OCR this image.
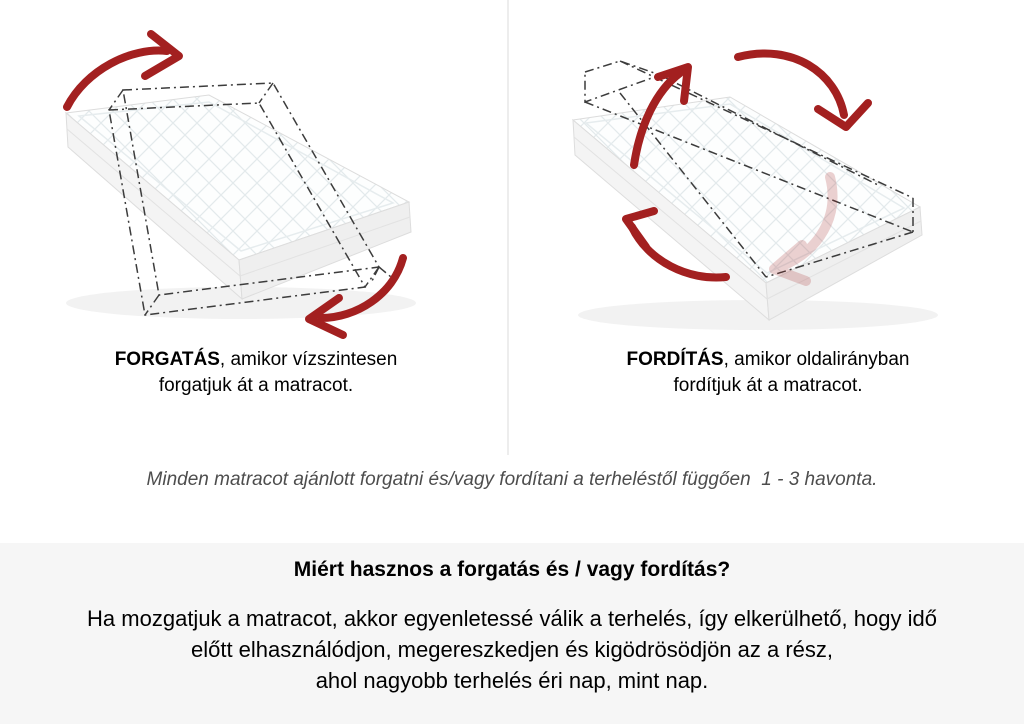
FORGATÁS, amikor vízszintesen
forgatjuk át a matracot.
FORDÍTÁS, amikor oldalirányban
fordítjuk át a matracot.
Minden matracot ajánlott forgatni és/vagy fordítani a terheléstől függően  1 - 3 havonta.
Miért hasznos a forgatás és / vagy fordítás?
Ha mozgatjuk a matracot, akkor egyenletessé válik a terhelés, így elkerülhető, hogy idő
előtt elhasználódjon, megereszkedjen és kigödrösödjön az a rész,
ahol nagyobb terhelés éri nap, mint nap.
